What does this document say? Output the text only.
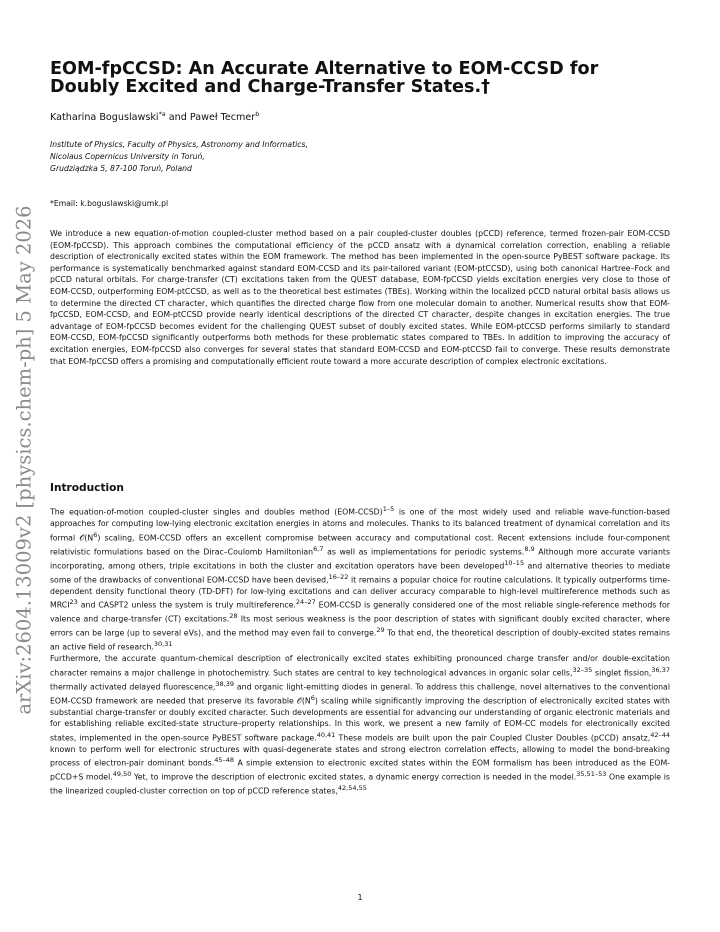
arXiv:2604.13009v2 [physics.chem-ph] 5 May 2026
EOM-fpCCSD: An Accurate Alternative to EOM-CCSD for Doubly Excited and Charge-Transfer States.†
Katharina Boguslawski$^{*a}$ and Paweł Tecmer$^b$
Institute of Physics, Faculty of Physics, Astronomy and Informatics,
Nicolaus Copernicus University in Toruń,
Grudziądzka 5, 87-100 Toruń, Poland
*Email: k.boguslawski@umk.pl

We introduce a new equation-of-motion coupled-cluster method based on a pair coupled-cluster doubles (pCCD) reference, termed frozen-pair EOM-CCSD (EOM-fpCCSD). This approach combines the computational efficiency of the pCCD ansatz with a dynamical correlation correction, enabling a reliable description of electronically excited states within the EOM framework. The method has been implemented in the open-source PyBEST software package. Its performance is systematically benchmarked against standard EOM-CCSD and its pair-tailored variant (EOM-ptCCSD), using both canonical Hartree–Fock and pCCD natural orbitals. For charge-transfer (CT) excitations taken from the QUEST database, EOM-fpCCSD yields excitation energies very close to those of EOM-CCSD, outperforming EOM-ptCCSD, as well as to the theoretical best estimates (TBEs). Working within the localized pCCD natural orbital basis allows us to determine the directed CT character, which quantifies the directed charge flow from one molecular domain to another. Numerical results show that EOM-fpCCSD, EOM-CCSD, and EOM-ptCCSD provide nearly identical descriptions of the directed CT character, despite changes in excitation energies. The true advantage of EOM-fpCCSD becomes evident for the challenging QUEST subset of doubly excited states. While EOM-ptCCSD performs similarly to standard EOM-CCSD, EOM-fpCCSD significantly outperforms both methods for these problematic states compared to TBEs. In addition to improving the accuracy of excitation energies, EOM-fpCCSD also converges for several states that standard EOM-CCSD and EOM-ptCCSD fail to converge. These results demonstrate that EOM-fpCCSD offers a promising and computationally efficient route toward a more accurate description of complex electronic excitations.

Introduction

The equation-of-motion coupled-cluster singles and doubles method (EOM-CCSD)$^{1-5}$ is one of the most widely used and reliable wave-function-based approaches for computing low-lying electronic excitation energies in atoms and molecules. Thanks to its balanced treatment of dynamical correlation and its formal $𝒪(N^6)$ scaling, EOM-CCSD offers an excellent compromise between accuracy and computational cost. Recent extensions include four-component relativistic formulations based on the Dirac–Coulomb Hamiltonian$^{6,7}$ as well as implementations for periodic systems.$^{8,9}$ Although more accurate variants incorporating, among others, triple excitations in both the cluster and excitation operators have been developed$^{10-15}$ and alternative theories to mediate some of the drawbacks of conventional EOM-CCSD have been devised,$^{16-22}$ it remains a popular choice for routine calculations. It typically outperforms time-dependent density functional theory (TD-DFT) for low-lying excitations and can deliver accuracy comparable to high-level multireference methods such as MRCI$^{23}$ and CASPT2 unless the system is truly multireference.$^{24-27}$ EOM-CCSD is generally considered one of the most reliable single-reference methods for valence and charge-transfer (CT) excitations.$^{28}$ Its most serious weakness is the poor description of states with significant doubly excited character, where errors can be large (up to several eVs), and the method may even fail to converge.$^{29}$ To that end, the theoretical description of doubly-excited states remains an active field of research.$^{30,31}$

Furthermore, the accurate quantum-chemical description of electronically excited states exhibiting pronounced charge transfer and/or double-excitation character remains a major challenge in photochemistry. Such states are central to key technological advances in organic solar cells,$^{32-35}$ singlet fission,$^{36,37}$ thermally activated delayed fluorescence,$^{38,39}$ and organic light-emitting diodes in general. To address this challenge, novel alternatives to the conventional EOM-CCSD framework are needed that preserve its favorable $𝒪(N^6)$ scaling while significantly improving the description of electronically excited states with substantial charge-transfer or doubly excited character. Such developments are essential for advancing our understanding of organic electronic materials and for establishing reliable excited-state structure–property relationships. In this work, we present a new family of EOM-CC models for electronically excited states, implemented in the open-source PyBEST software package.$^{40,41}$ These models are built upon the pair Coupled Cluster Doubles (pCCD) ansatz,$^{42-44}$ known to perform well for electronic structures with quasi-degenerate states and strong electron correlation effects, allowing to model the bond-breaking process of electron-pair dominant bonds.$^{45-48}$ A simple extension to electronic excited states within the EOM formalism has been introduced as the EOM-pCCD+S model.$^{49,50}$ Yet, to improve the description of electronic excited states, a dynamic energy correction is needed in the model.$^{35,51-53}$ One example is the linearized coupled-cluster correction on top of pCCD reference states,$^{42,54,55}$

1
